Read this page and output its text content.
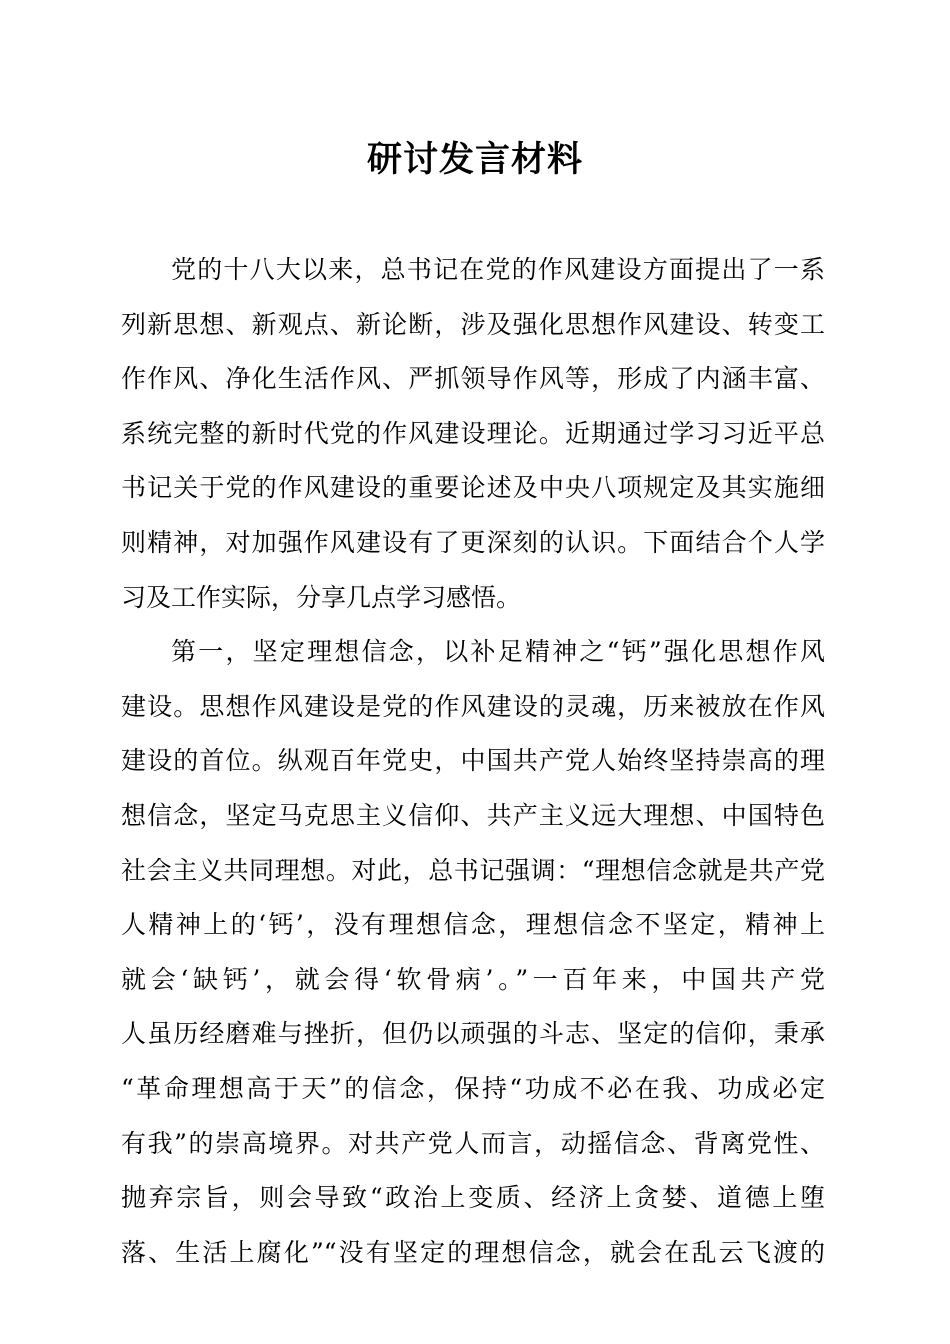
研讨发言材料
党的十八大以来，总书记在党的作风建设方面提出了一系
列新思想、新观点、新论断，涉及强化思想作风建设、转变工
作作风、净化生活作风、严抓领导作风等，形成了内涵丰富、
系统完整的新时代党的作风建设理论。近期通过学习习近平总
书记关于党的作风建设的重要论述及中央八项规定及其实施细
则精神，对加强作风建设有了更深刻的认识。下面结合个人学
习及工作实际，分享几点学习感悟。
第一，坚定理想信念，以补足精神之“钙”强化思想作风
建设。思想作风建设是党的作风建设的灵魂，历来被放在作风
建设的首位。纵观百年党史，中国共产党人始终坚持崇高的理
想信念，坚定马克思主义信仰、共产主义远大理想、中国特色
社会主义共同理想。对此，总书记强调：“理想信念就是共产党
人精神上的‘钙’，没有理想信念，理想信念不坚定，精神上
就会‘缺钙’，就会得‘软骨病’。”一百年来，中国共产党
人虽历经磨难与挫折，但仍以顽强的斗志、坚定的信仰，秉承
“革命理想高于天”的信念，保持“功成不必在我、功成必定
有我”的崇高境界。对共产党人而言，动摇信念、背离党性、
抛弃宗旨，则会导致“政治上变质、经济上贪婪、道德上堕
落、生活上腐化”“没有坚定的理想信念，就会在乱云飞渡的
